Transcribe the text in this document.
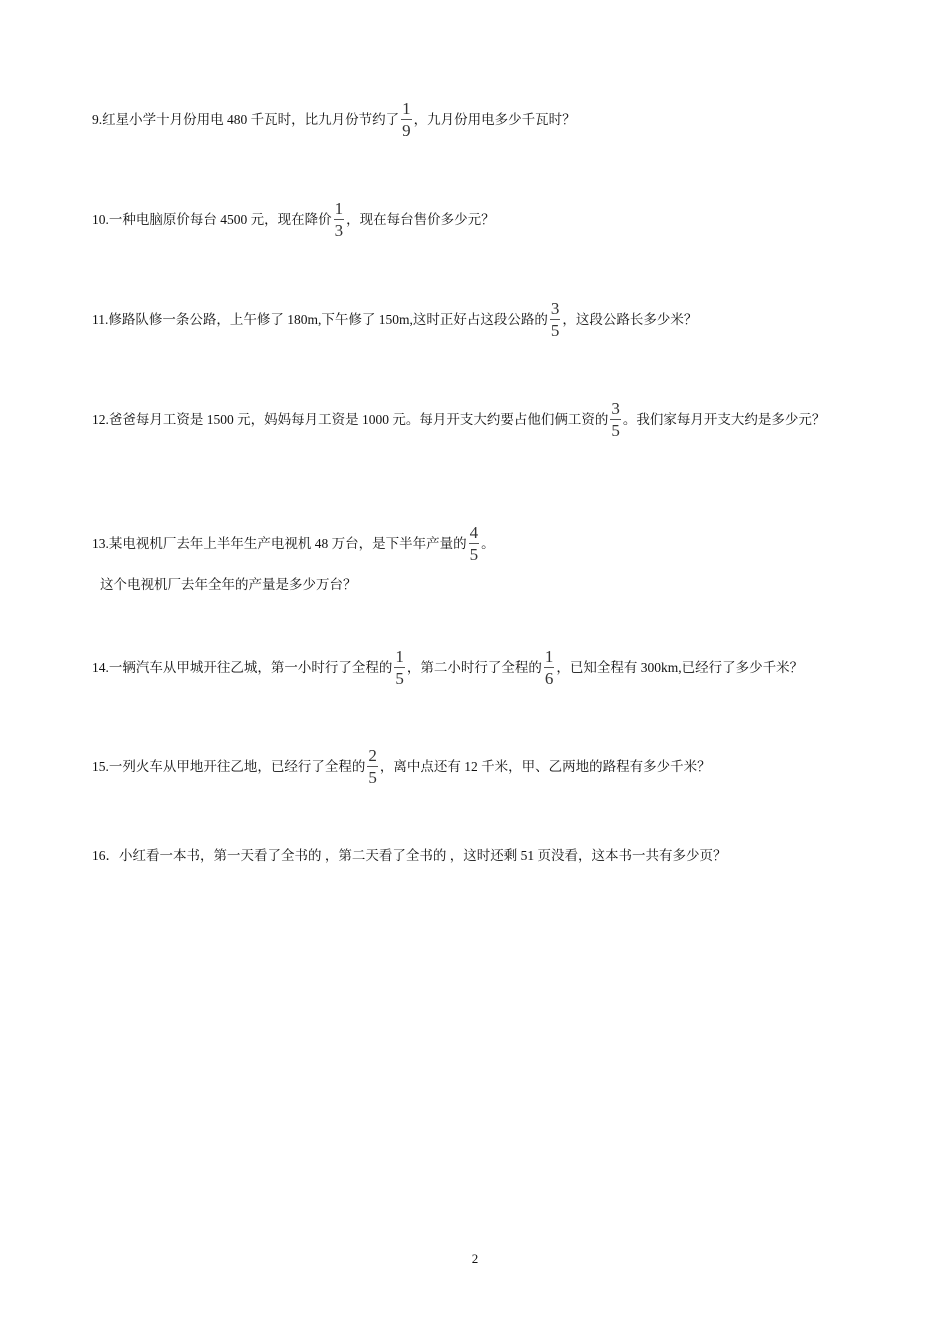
9.红星小学十月份用电 480 千瓦时，比九月份节约了 $\frac{1}{9}$ ，九月份用电多少千瓦时？
10.一种电脑原价每台 4500 元，现在降价 $\frac{1}{3}$ ，现在每台售价多少元？
11.修路队修一条公路，上午修了 180m,下午修了 150m,这时正好占这段公路的 $\frac{3}{5}$ ，这段公路长多少米？
12.爸爸每月工资是 1500 元，妈妈每月工资是 1000 元。每月开支大约要占他们俩工资的 $\frac{3}{5}$ 。我们家每月开支大约是多少元？
13.某电视机厂去年上半年生产电视机 48 万台，是下半年产量的 $\frac{4}{5}$ 。
这个电视机厂去年全年的产量是多少万台？
14.一辆汽车从甲城开往乙城，第一小时行了全程的 $\frac{1}{5}$ ，第二小时行了全程的 $\frac{1}{6}$ ，已知全程有 300km,已经行了多少千米？
15.一列火车从甲地开往乙地，已经行了全程的 $\frac{2}{5}$ ，离中点还有 12 千米，甲、乙两地的路程有多少千米？
16．小红看一本书，第一天看了全书的 ，第二天看了全书的 ，这时还剩 51 页没看，这本书一共有多少页？
2
